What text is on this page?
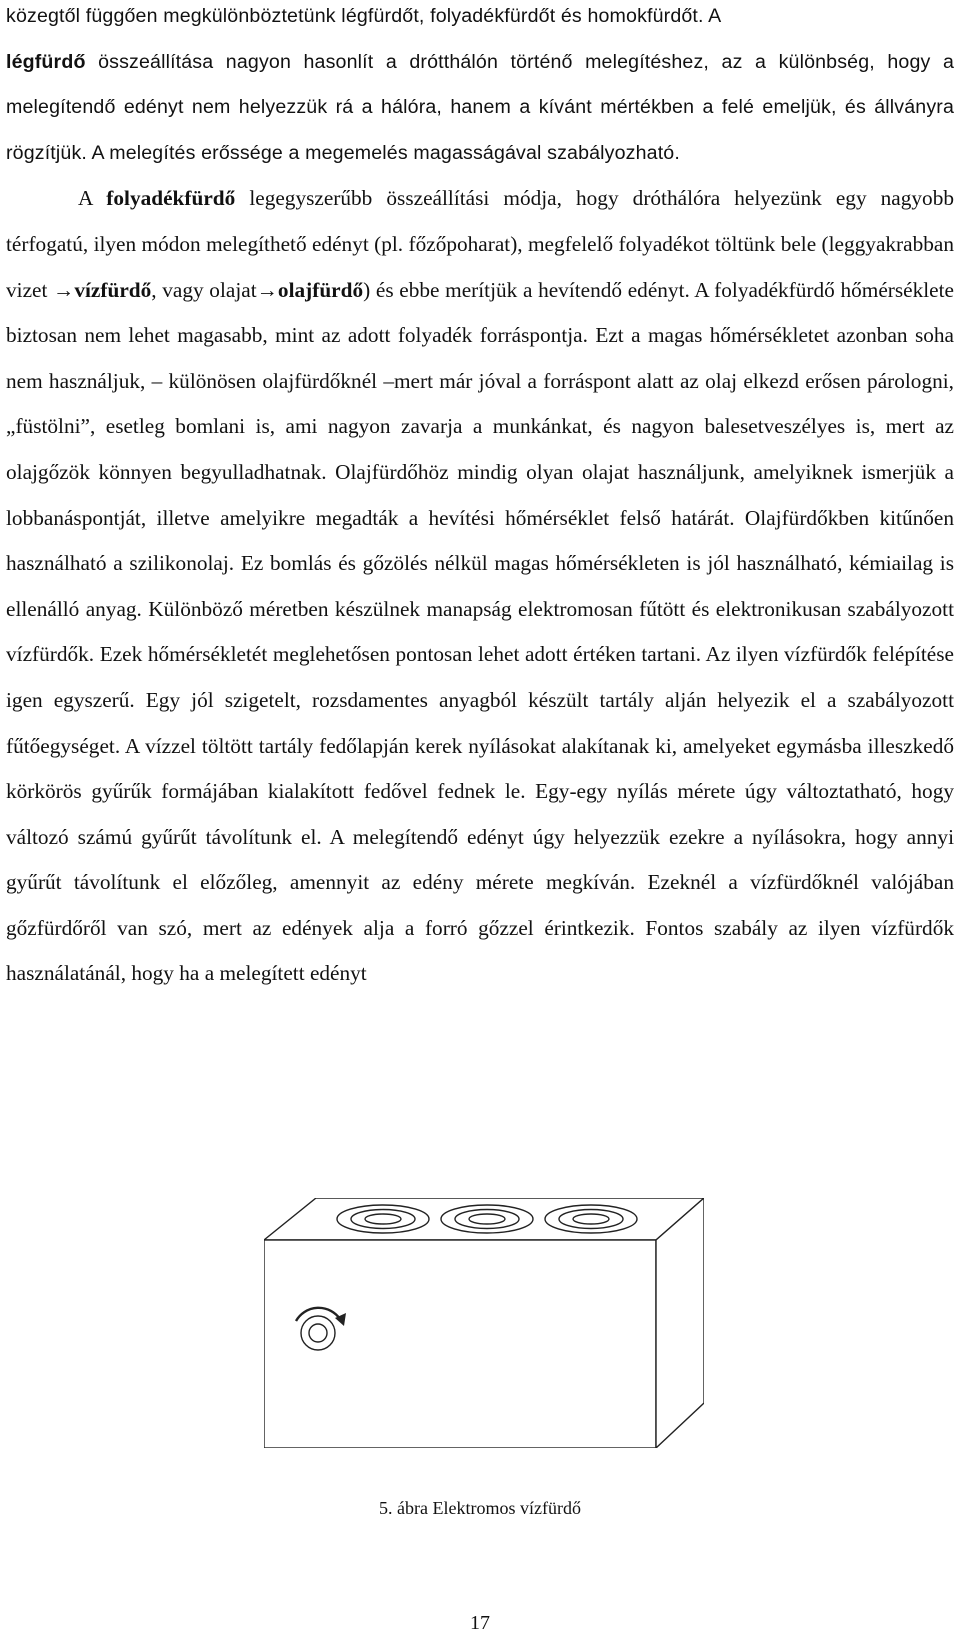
közegtől függően megkülönböztetünk légfürdőt, folyadékfürdőt és homokfürdőt. A
légfürdő összeállítása nagyon hasonlít a drótthálón történő melegítéshez, az a különbség, hogy a melegítendő edényt nem helyezzük rá a hálóra, hanem a kívánt mértékben a felé emeljük, és állványra rögzítjük. A melegítés erőssége a megemelés magasságával szabályozható.

A folyadékfürdő legegyszerűbb összeállítási módja, hogy dróthálóra helyezünk egy nagyobb térfogatú, ilyen módon melegíthető edényt (pl. főzőpoharat), megfelelő folyadékot töltünk bele (leggyakrabban vizet →vízfürdő, vagy olajat→olajfürdő) és ebbe merítjük a hevítendő edényt. A folyadékfürdő hőmérséklete biztosan nem lehet magasabb, mint az adott folyadék forráspontja. Ezt a magas hőmérsékletet azonban soha nem használjuk, – különösen olajfürdőknél –mert már jóval a forráspont alatt az olaj elkezd erősen párologni, „füstölni”, esetleg bomlani is, ami nagyon zavarja a munkánkat, és nagyon balesetveszélyes is, mert az olajgőzök könnyen begyulladhatnak. Olajfürdőhöz mindig olyan olajat használjunk, amelyiknek ismerjük a lobbanáspontját, illetve amelyikre megadták a hevítési hőmérséklet felső határát. Olajfürdőkben kitűnően használható a szilikonolaj. Ez bomlás és gőzölés nélkül magas hőmérsékleten is jól használható, kémiailag is ellenálló anyag. Különböző méretben készülnek manapság elektromosan fűtött és elektronikusan szabályozott vízfürdők. Ezek hőmérsékletét meglehetősen pontosan lehet adott értéken tartani. Az ilyen vízfürdők felépítése igen egyszerű. Egy jól szigetelt, rozsdamentes anyagból készült tartály alján helyezik el a szabályozott fűtőegységet. A vízzel töltött tartály fedőlapján kerek nyílásokat alakítanak ki, amelyeket egymásba illeszkedő körkörös gyűrűk formájában kialakított fedővel fednek le. Egy-egy nyílás mérete úgy változtatható, hogy változó számú gyűrűt távolítunk el. A melegítendő edényt úgy helyezzük ezekre a nyílásokra, hogy annyi gyűrűt távolítunk el előzőleg, amennyit az edény mérete megkíván. Ezeknél a vízfürdőknél valójában gőzfürdőről van szó, mert az edények alja a forró gőzzel érintkezik. Fontos szabály az ilyen vízfürdők használatánál, hogy ha a melegített edényt

5. ábra Elektromos vízfürdő
17
